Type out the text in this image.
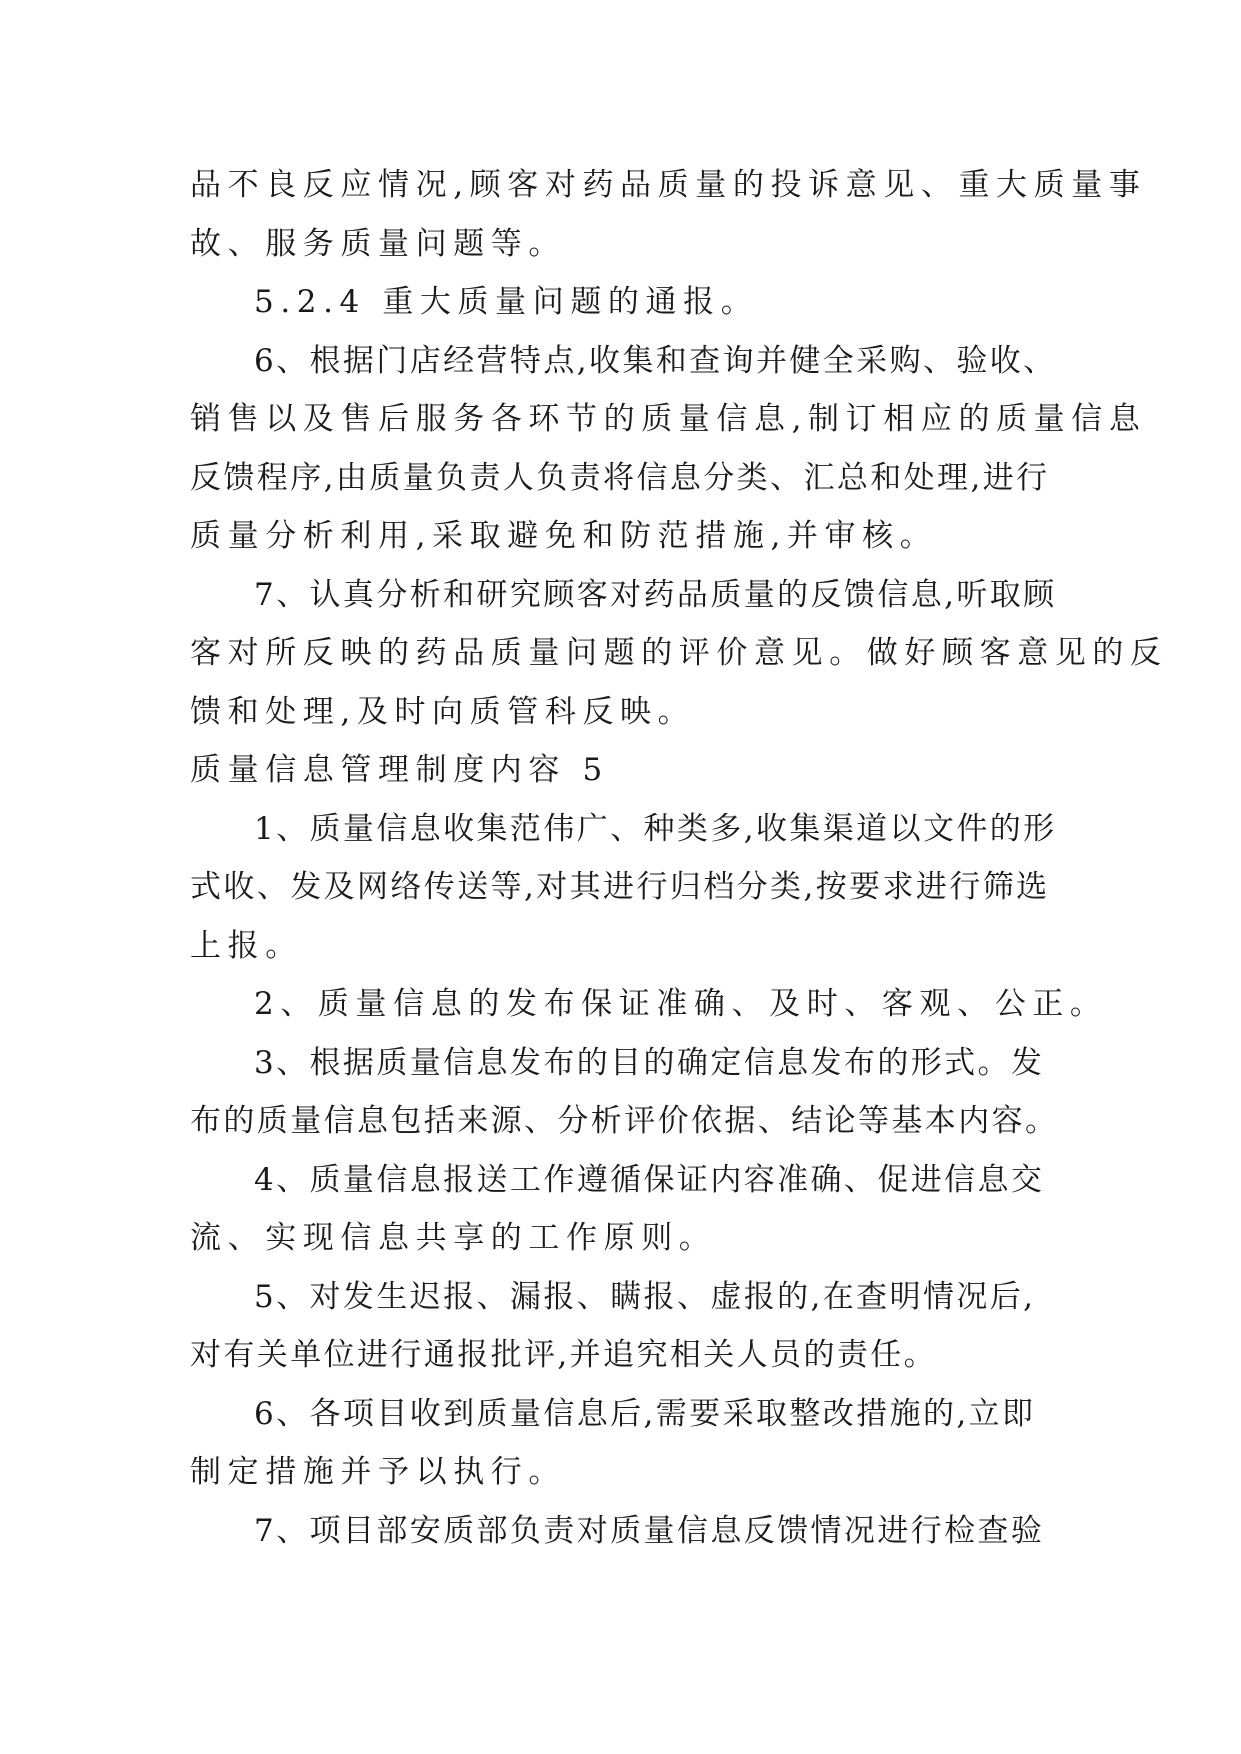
品不良反应情况,顾客对药品质量的投诉意见、重大质量事
故、服务质量问题等。
5.2.4 重大质量问题的通报。
6、根据门店经营特点,收集和查询并健全采购、验收、
销售以及售后服务各环节的质量信息,制订相应的质量信息
反馈程序,由质量负责人负责将信息分类、汇总和处理,进行
质量分析利用,采取避免和防范措施,并审核。
7、认真分析和研究顾客对药品质量的反馈信息,听取顾
客对所反映的药品质量问题的评价意见。做好顾客意见的反
馈和处理,及时向质管科反映。
质量信息管理制度内容 5
1、质量信息收集范伟广、种类多,收集渠道以文件的形
式收、发及网络传送等,对其进行归档分类,按要求进行筛选
上报。
2、质量信息的发布保证准确、及时、客观、公正。
3、根据质量信息发布的目的确定信息发布的形式。发
布的质量信息包括来源、分析评价依据、结论等基本内容。
4、质量信息报送工作遵循保证内容准确、促进信息交
流、实现信息共享的工作原则。
5、对发生迟报、漏报、瞒报、虚报的,在查明情况后,
对有关单位进行通报批评,并追究相关人员的责任。
6、各项目收到质量信息后,需要采取整改措施的,立即
制定措施并予以执行。
7、项目部安质部负责对质量信息反馈情况进行检查验
